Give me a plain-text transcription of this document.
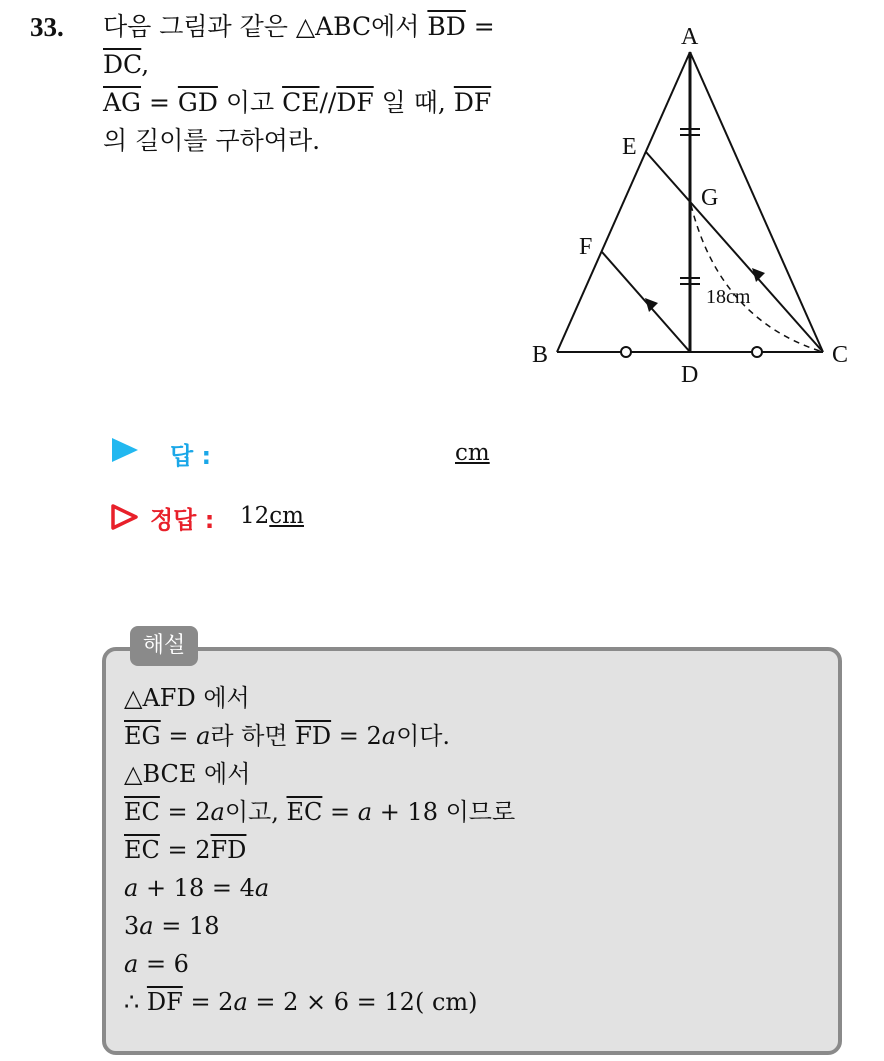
33. 다음 그림과 같은 △ABC에서 $\overline{BD}$ =
$\overline{DC}$,
$\overline{AG} = \overline{GD}$ 이고 $\overline{CE}//\overline{DF}$ 일 때, $\overline{DF}$
의 길이를 구하여라.
A
B	C
D
E
F
G
18cm
답 :	cm
정답 : 12cm
해설
△AFD 에서
$\overline{EG} = a$라 하면 $\overline{FD} = 2a$이다.
△BCE 에서
$\overline{EC} = 2a$이고, $\overline{EC} = a + 18$ 이므로
$\overline{EC} = 2\overline{FD}$
a + 18 = 4a
3a = 18
a = 6
∴ $\overline{DF} = 2a = 2 \times 6 = 12$( cm)
